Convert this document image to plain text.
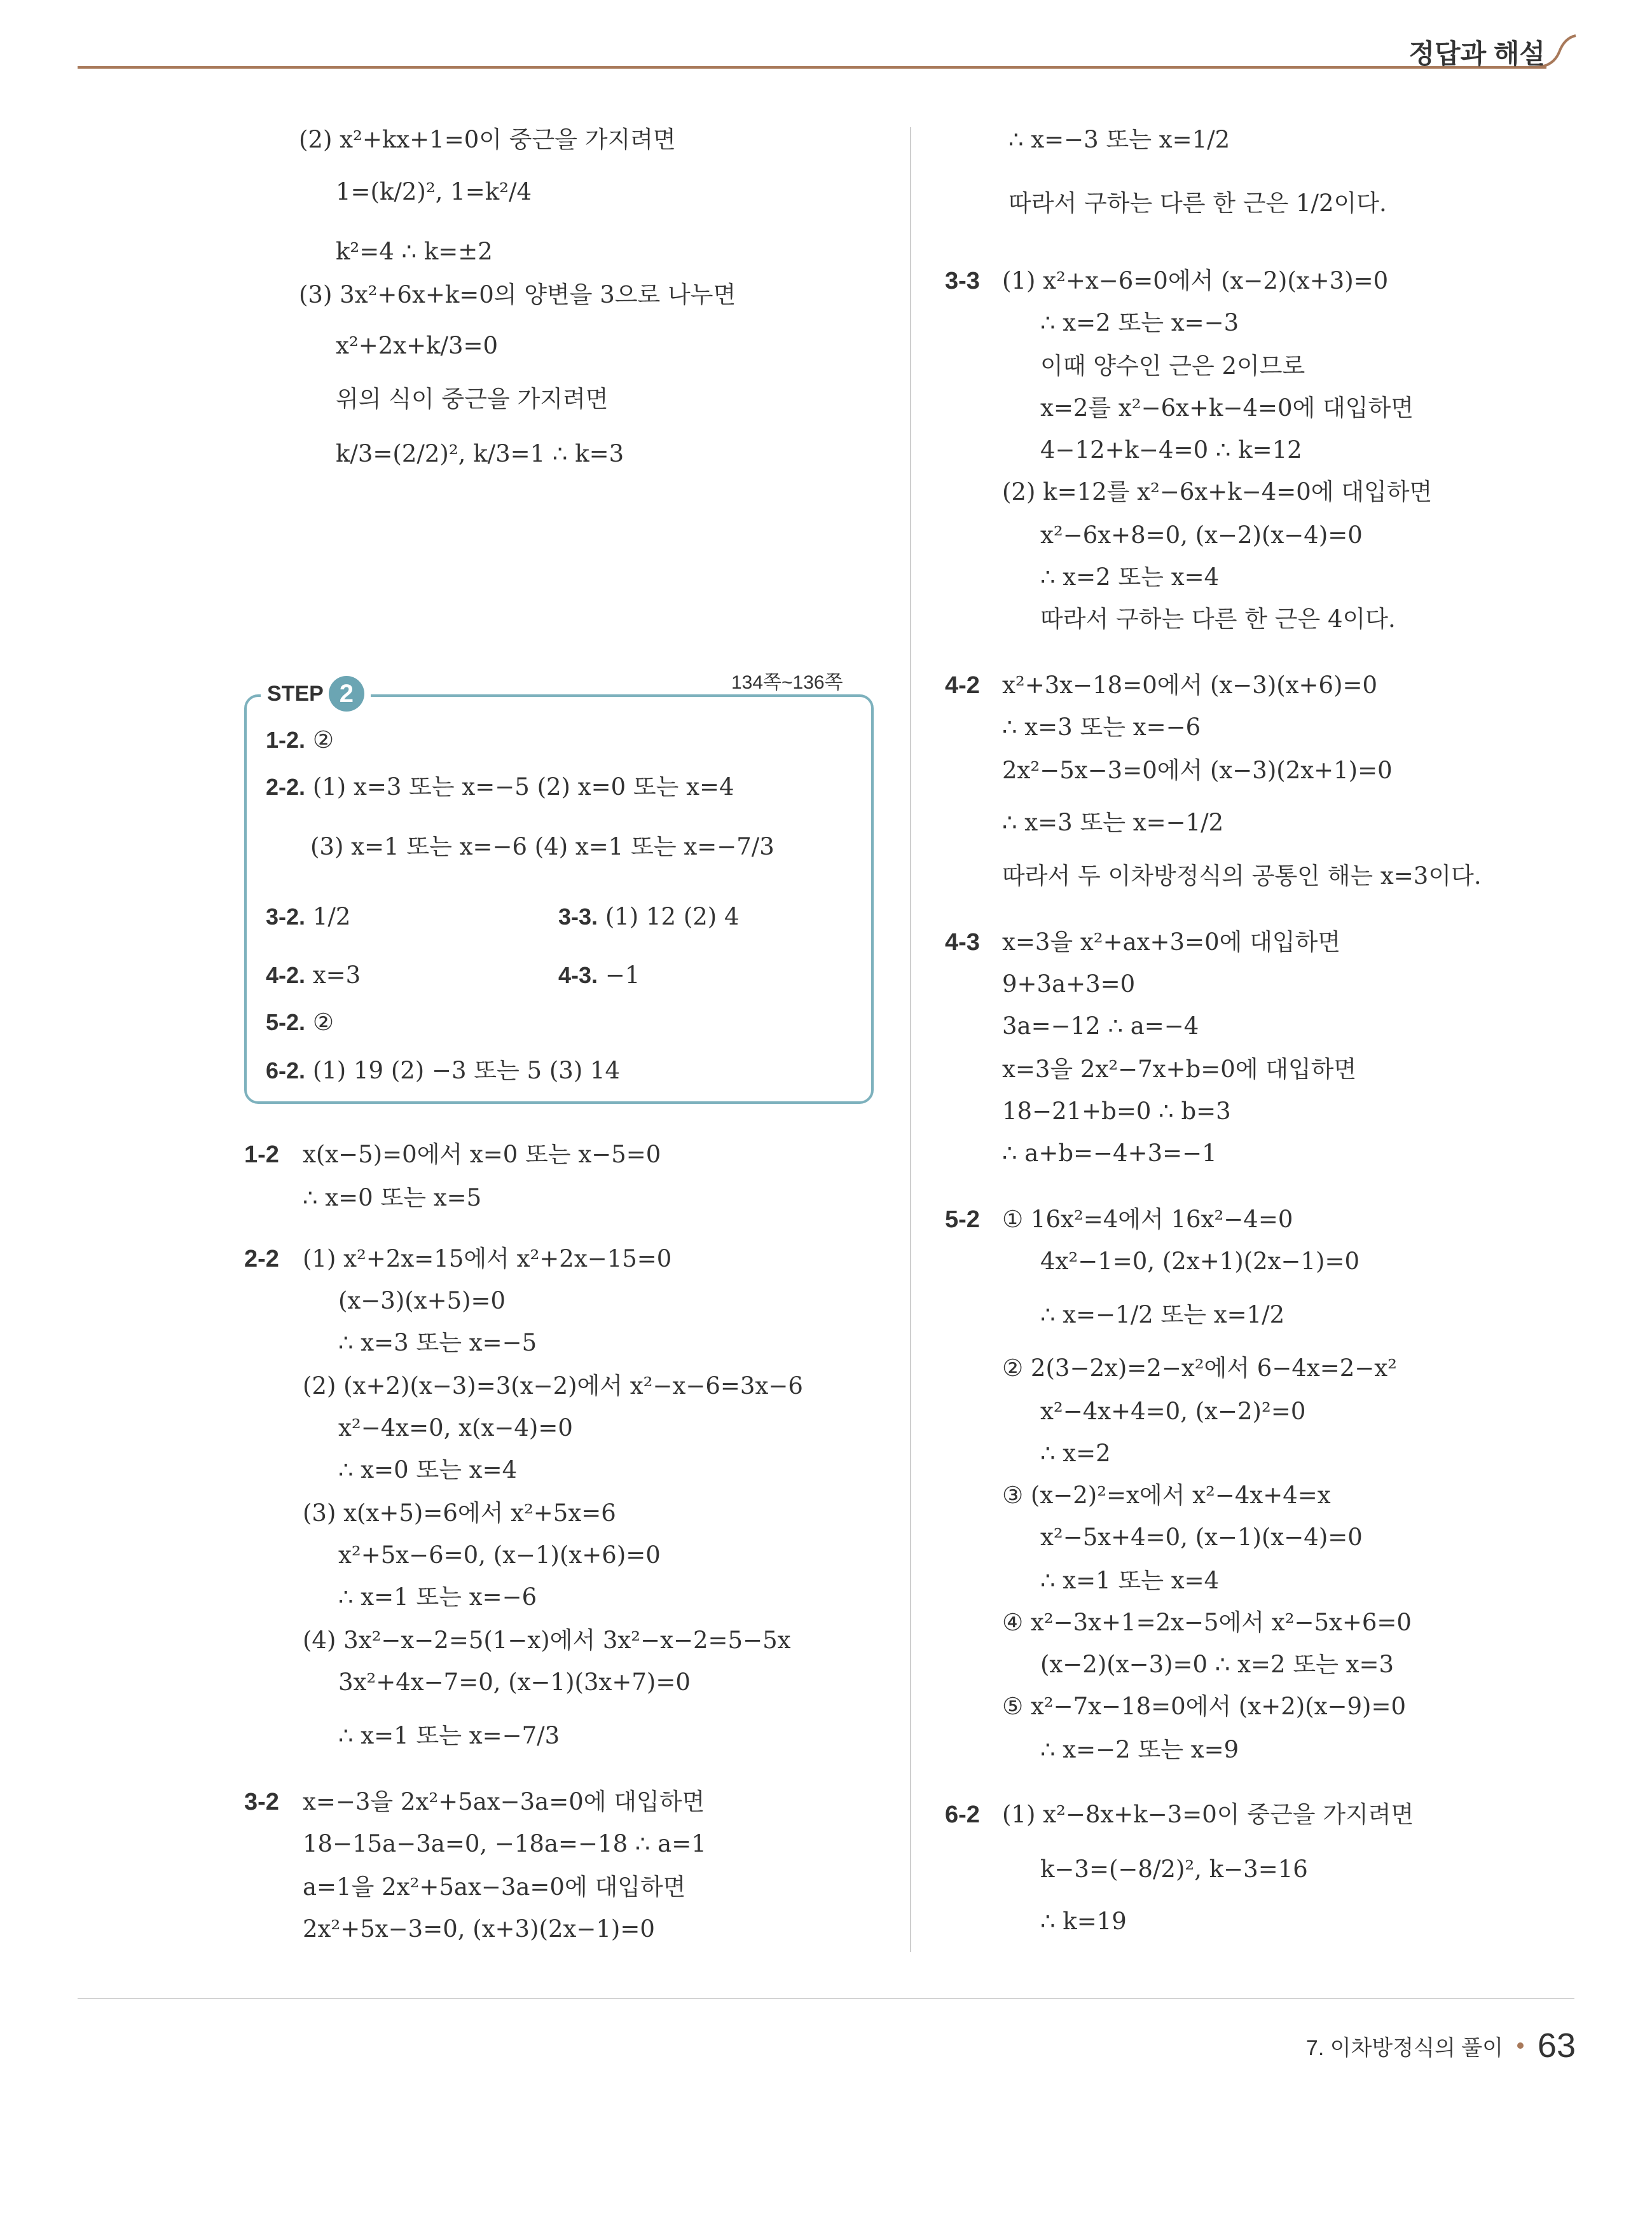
정답과 해설
(2) x²+kx+1=0이 중근을 가지려면
1=(k/2)², 1=k²/4
k²=4 ∴ k=±2
(3) 3x²+6x+k=0의 양변을 3으로 나누면
x²+2x+k/3=0
위의 식이 중근을 가지려면
k/3=(2/2)², k/3=1 ∴ k=3
STEP 2	134쪽~136쪽
1-2. ②
2-2. (1) x=3 또는 x=−5 (2) x=0 또는 x=4
(3) x=1 또는 x=−6 (4) x=1 또는 x=−7/3
3-2. 1/2	3-3. (1) 12 (2) 4
4-2. x=3	4-3. −1
5-2. ②
6-2. (1) 19 (2) −3 또는 5 (3) 14
1-2 x(x−5)=0에서 x=0 또는 x−5=0
∴ x=0 또는 x=5
2-2 (1) x²+2x=15에서 x²+2x−15=0
(x−3)(x+5)=0
∴ x=3 또는 x=−5
(2) (x+2)(x−3)=3(x−2)에서 x²−x−6=3x−6
x²−4x=0, x(x−4)=0
∴ x=0 또는 x=4
(3) x(x+5)=6에서 x²+5x=6
x²+5x−6=0, (x−1)(x+6)=0
∴ x=1 또는 x=−6
(4) 3x²−x−2=5(1−x)에서 3x²−x−2=5−5x
3x²+4x−7=0, (x−1)(3x+7)=0
∴ x=1 또는 x=−7/3
3-2 x=−3을 2x²+5ax−3a=0에 대입하면
18−15a−3a=0, −18a=−18 ∴ a=1
a=1을 2x²+5ax−3a=0에 대입하면
2x²+5x−3=0, (x+3)(2x−1)=0
∴ x=−3 또는 x=1/2
따라서 구하는 다른 한 근은 1/2이다.
3-3 (1) x²+x−6=0에서 (x−2)(x+3)=0
∴ x=2 또는 x=−3
이때 양수인 근은 2이므로
x=2를 x²−6x+k−4=0에 대입하면
4−12+k−4=0 ∴ k=12
(2) k=12를 x²−6x+k−4=0에 대입하면
x²−6x+8=0, (x−2)(x−4)=0
∴ x=2 또는 x=4
따라서 구하는 다른 한 근은 4이다.
4-2 x²+3x−18=0에서 (x−3)(x+6)=0
∴ x=3 또는 x=−6
2x²−5x−3=0에서 (x−3)(2x+1)=0
∴ x=3 또는 x=−1/2
따라서 두 이차방정식의 공통인 해는 x=3이다.
4-3 x=3을 x²+ax+3=0에 대입하면
9+3a+3=0
3a=−12 ∴ a=−4
x=3을 2x²−7x+b=0에 대입하면
18−21+b=0 ∴ b=3
∴ a+b=−4+3=−1
5-2 ① 16x²=4에서 16x²−4=0
4x²−1=0, (2x+1)(2x−1)=0
∴ x=−1/2 또는 x=1/2
② 2(3−2x)=2−x²에서 6−4x=2−x²
x²−4x+4=0, (x−2)²=0
∴ x=2
③ (x−2)²=x에서 x²−4x+4=x
x²−5x+4=0, (x−1)(x−4)=0
∴ x=1 또는 x=4
④ x²−3x+1=2x−5에서 x²−5x+6=0
(x−2)(x−3)=0 ∴ x=2 또는 x=3
⑤ x²−7x−18=0에서 (x+2)(x−9)=0
∴ x=−2 또는 x=9
6-2 (1) x²−8x+k−3=0이 중근을 가지려면
k−3=(−8/2)², k−3=16
∴ k=19
7. 이차방정식의 풀이 63
